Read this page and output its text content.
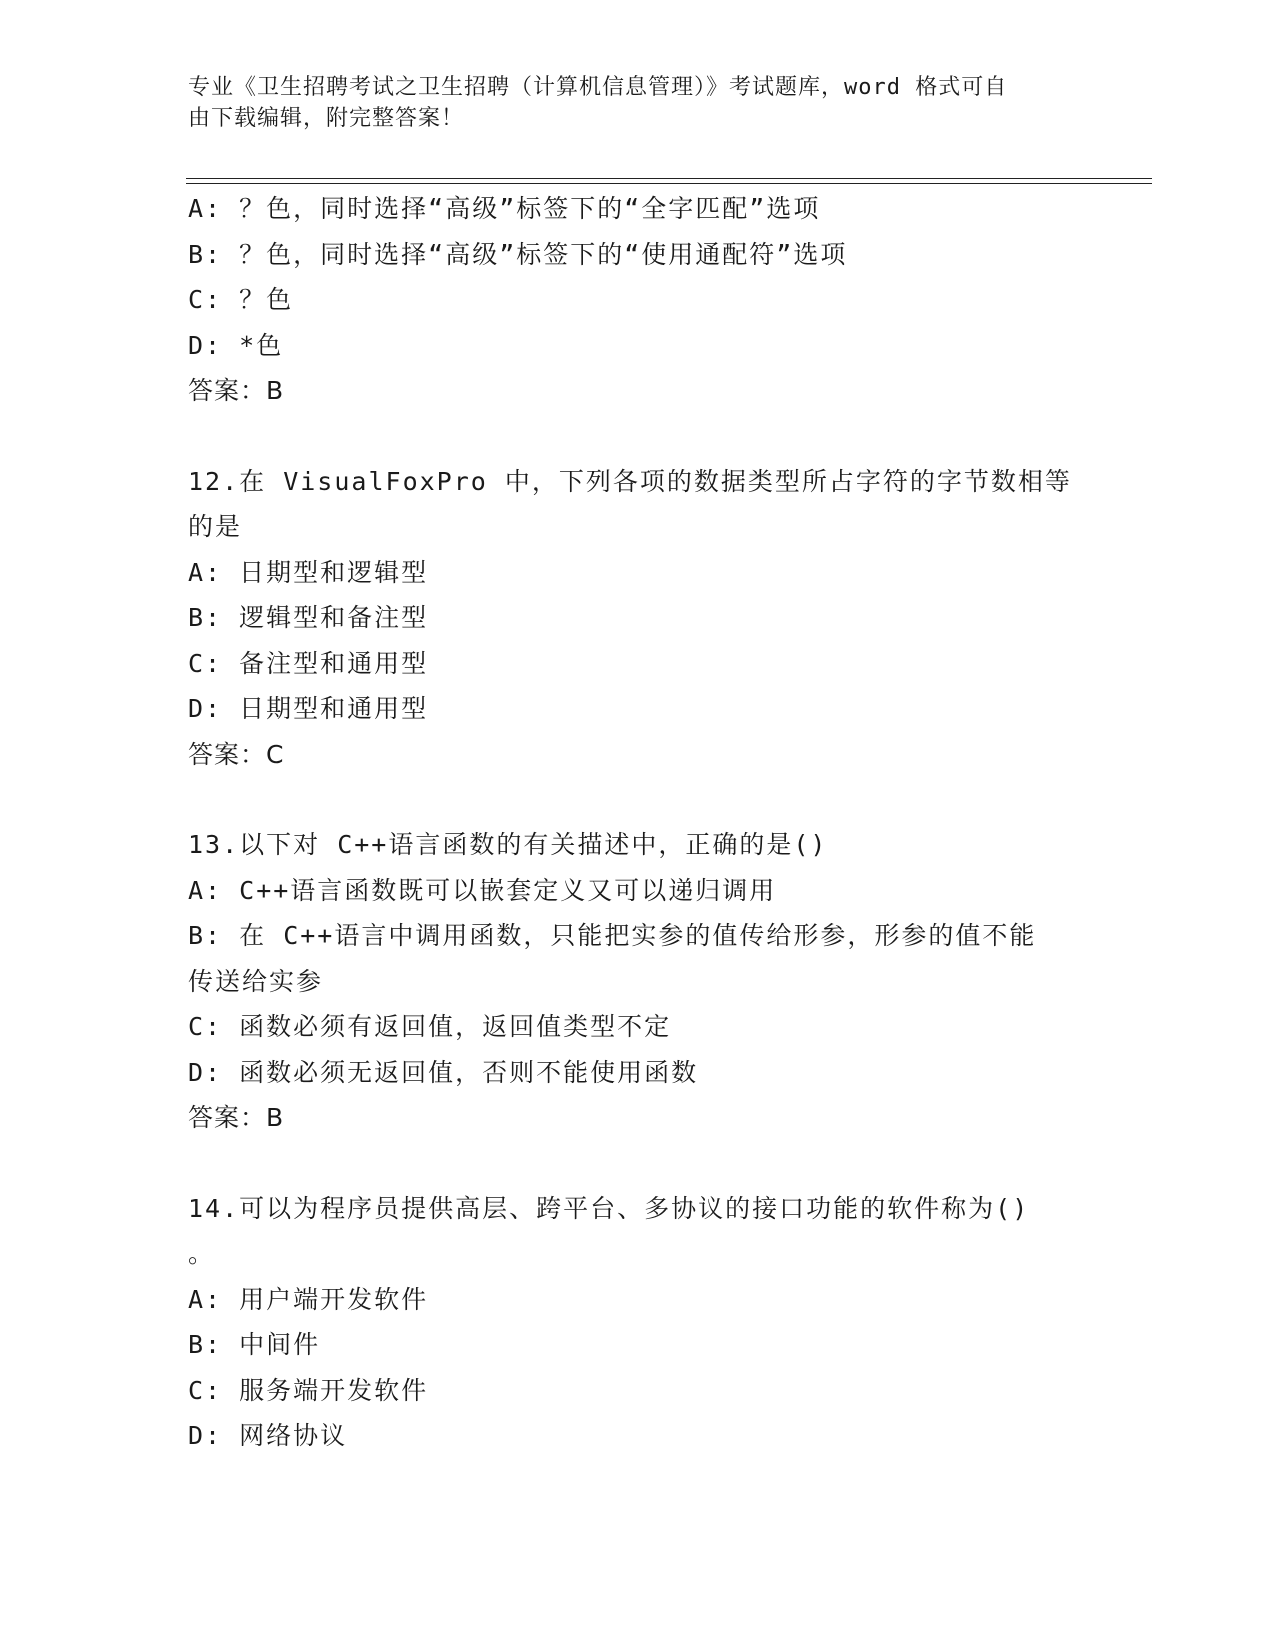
专业《卫生招聘考试之卫生招聘（计算机信息管理）》考试题库，word 格式可自
由下载编辑，附完整答案！
A: ？色，同时选择“高级”标签下的“全字匹配”选项
B: ？色，同时选择“高级”标签下的“使用通配符”选项
C: ？色
D: *色
答案：B
12.在 VisualFoxPro 中，下列各项的数据类型所占字符的字节数相等
的是
A: 日期型和逻辑型
B: 逻辑型和备注型
C: 备注型和通用型
D: 日期型和通用型
答案：C
13.以下对 C++语言函数的有关描述中，正确的是()
A: C++语言函数既可以嵌套定义又可以递归调用
B: 在 C++语言中调用函数，只能把实参的值传给形参，形参的值不能
传送给实参
C: 函数必须有返回值，返回值类型不定
D: 函数必须无返回值，否则不能使用函数
答案：B
14.可以为程序员提供高层、跨平台、多协议的接口功能的软件称为()
。
A: 用户端开发软件
B: 中间件
C: 服务端开发软件
D: 网络协议
